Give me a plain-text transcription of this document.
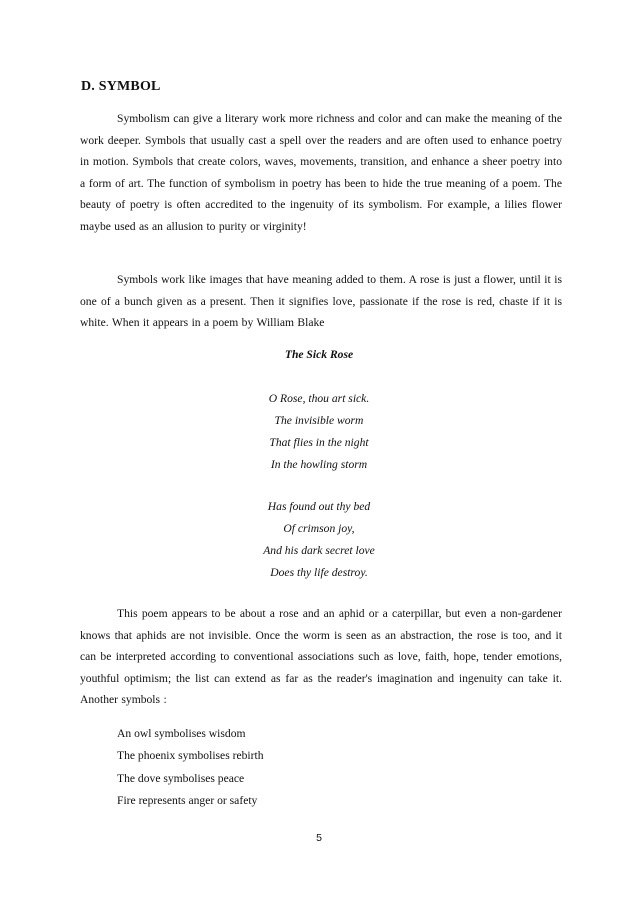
D. SYMBOL

Symbolism can give a literary work more richness and color and can make the meaning of the work deeper. Symbols that usually cast a spell over the readers and are often used to enhance poetry in motion. Symbols that create colors, waves, movements, transition, and enhance a sheer poetry into a form of art. The function of symbolism in poetry has been to hide the true meaning of a poem. The beauty of poetry is often accredited to the ingenuity of its symbolism. For example, a lilies flower maybe used as an allusion to purity or virginity!

Symbols work like images that have meaning added to them. A rose is just a flower, until it is one of a bunch given as a present. Then it signifies love, passionate if the rose is red, chaste if it is white. When it appears in a poem by William Blake

The Sick Rose

O Rose, thou art sick.
The invisible worm
That flies in the night
In the howling storm

Has found out thy bed
Of crimson joy,
And his dark secret love
Does thy life destroy.

This poem appears to be about a rose and an aphid or a caterpillar, but even a non-gardener knows that aphids are not invisible. Once the worm is seen as an abstraction, the rose is too, and it can be interpreted according to conventional associations such as love, faith, hope, tender emotions, youthful optimism; the list can extend as far as the reader's imagination and ingenuity can take it. Another symbols :

An owl symbolises wisdom
The phoenix symbolises rebirth
The dove symbolises peace
Fire represents anger or safety
5
